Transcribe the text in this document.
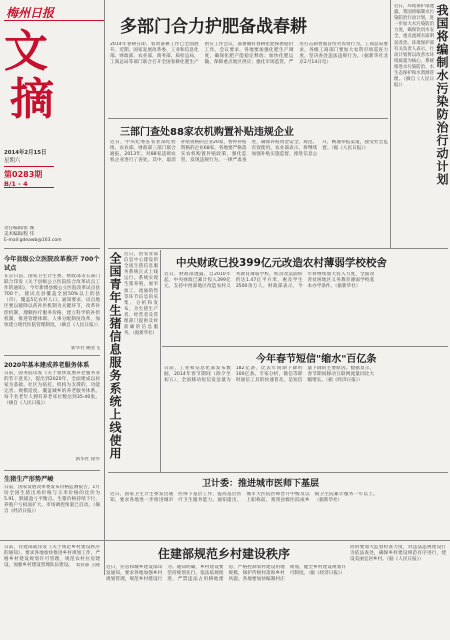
梅州日报
文
摘
2014年2月15日
星期六
第0283期
B/1 - 4
责任编辑/张 城
美术编辑/程 伟
E-mail:gdeawb@163.com
今年县级公立医院改革推开 700个试点
在京日前，国家卫生计生委、财政部等五部门联合印发《关于县级公立医院综合改革试点工作的通知》，今年新增县级公立医院改革试点县700个，使试点县覆盖全国50%以上的县（市），覆盖5亿农村人口。通知要求，试点地区要以破除以药补医机制为关键环节，改革补偿机制，理顺医疗服务价格，建立科学的补偿机制，推进管理体制、人事分配制度改革，加快建立现代医院管理制度。（摘自《人民日报》）
新华社 鲍亚飞
2020年基本建成养老服务体系
日前，国务院印发《关于加快发展养老服务业的若干意见》，提出到2020年，全面建成以居家为基础、社区为依托、机构为支撑的，功能完善、规模适度、覆盖城乡的养老服务体系。每千名老年人拥有养老床位数达到35-40张。（摘自《人民日报》）
新华社 徐华
生猪生产形势严峻
日前，国家发展改革委发布价格监测报告，1月份全国生猪出场价格与玉米价格的比价为5.91，跌破盈亏平衡点。生猪价格持续下行，养殖户亏损面扩大，市场调控预案已启动。（摘自《经济日报》）
农业部 王晓
多部门合力护肥备战春耕
2014年春耕在即，农资备耕工作已全面展开。近期，国家发展改革委、工业和信息化部、财政部、农业部、商务部、质检总局、工商总局等部门联合召开全国春耕化肥生产供应工作会议，部署做好春耕化肥保供稳价工作。会议要求，各地要加强化肥生产调度，确保化肥产能稳定释放；加快化肥运输，保障重点地区供应；强化市场监管，严厉打击制售假冒伪劣农资行为。工商总局要求，各级工商部门要加大农资市场巡查力度，坚决查处违法违规行为。（据新华社北京2月14日电）
近日，环境保护部透露，我国将编制水污染防治行动计划，进一步加大水污染防治力度，确保饮用水安全，重点流域水质明显改善。环境保护部有关负责人表示，行动计划将以改善水环境质量为核心，系统推进水污染防治、水生态保护和水资源管理。（摘自《人民日报》）	我国将编制水污染防治行动计划
三部门查处88家农机购置补贴违规企业
近日，中央纪委驻农业部纪检组、农业部、财政部三部门联合通报，2013年，对88家违规农机企业进行了查处。其中，取消补贴资格的企业20家，暂停补贴资格的企业68家。各地要严格落实农机购置补贴政策，强化监管，发现违规行为，一律严肃查处，确保补贴资金安全、规范、有效使用。农业部表示，将继续加强补贴实施监督，推进信息公开，畅通举报渠道，接受社会监督。（据《人民日报》）
全国青年生猪信息服务系统上线使用 近日，由农业部信息中心建设的全国生猪信息服务系统正式上线运行。系统实现生猪养殖、屠宰加工、流通销售等环节信息的采集、分析和发布，为生猪生产者、经营者及管理部门提供及时准确的信息服务。（据新华社）
中央财政已投399亿元改造农村薄弱学校校舍
近日，财政部透露，自2010年起，中央财政已累计投入399亿元，支持中西部地区改造农村义务教育薄弱学校，校舍改造面积约达1.47亿平方米，惠及学生3500余万人。财政部表示，今年将继续加大投入力度，全面改善贫困地区义务教育薄弱学校基本办学条件。（据新华社）
今年春节短信"缩水"百亿条
日前，工业和信息化部发布数据，2014年春节期间（除夕至初五），全国移动短信发送量为182亿条，比去年同期下降约100亿条。专家分析，微信等即时通信工具的快速普及，是短信量下降的主要原因。数据显示，春节期间移动互联网流量同比大幅增长。（据《经济日报》）
卫计委：推进城市医师下基层
近日，国家卫生计生委发出通知，要求各地进一步推进城市医师下基层工作，提高基层医疗卫生服务能力。通知提出，城市大医院医师晋升中级及以上职称前，须到县级医院或乡镇卫生院累计服务一年以上。（据新华社）
日前，住建部就印发《关于规范乡村建设秩序的通知》，要求各地加快推进乡村规划工作，严格乡村建设规划许可管理，规范农村住房建设，加强乡村建设管理队伍建设。
住建部规范乡村建设秩序
近日，住房和城乡建设部印发通知，要求各地加强乡村规划管理，规范乡村建设行为。通知明确，乡村建设要坚持规划先行，依法依规推进，严禁违法占用耕地建房，严格控制农村建设用地规模，保护传统村落和乡村风貌。各地要加快编制村庄规划，健全乡村建设规划许可制度。（据《经济日报》）
同时要加大监督检查力度，对违法违规建设行为依法查处，确保乡村建设规范有序进行，建设美丽宜居乡村。（据《人民日报》）
